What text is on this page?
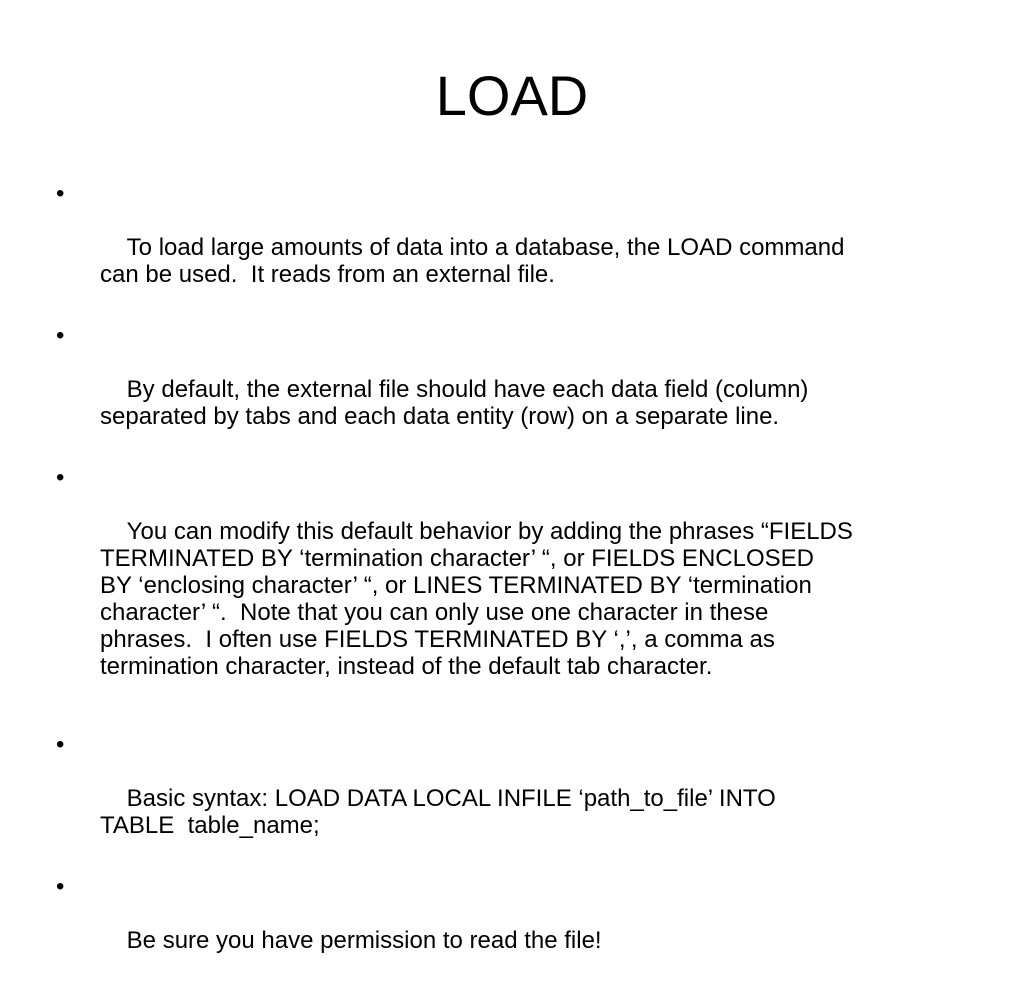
LOAD

•

To load large amounts of data into a database, the LOAD command
can be used.  It reads from an external file.

•

By default, the external file should have each data field (column)
separated by tabs and each data entity (row) on a separate line.

•

You can modify this default behavior by adding the phrases “FIELDS
TERMINATED BY ‘termination character’ “, or FIELDS ENCLOSED
BY ‘enclosing character’ “, or LINES TERMINATED BY ‘termination
character’ “.  Note that you can only use one character in these
phrases.  I often use FIELDS TERMINATED BY ‘,’, a comma as
termination character, instead of the default tab character.

•

Basic syntax: LOAD DATA LOCAL INFILE ‘path_to_file’ INTO
TABLE  table_name;

•

Be sure you have permission to read the file!
